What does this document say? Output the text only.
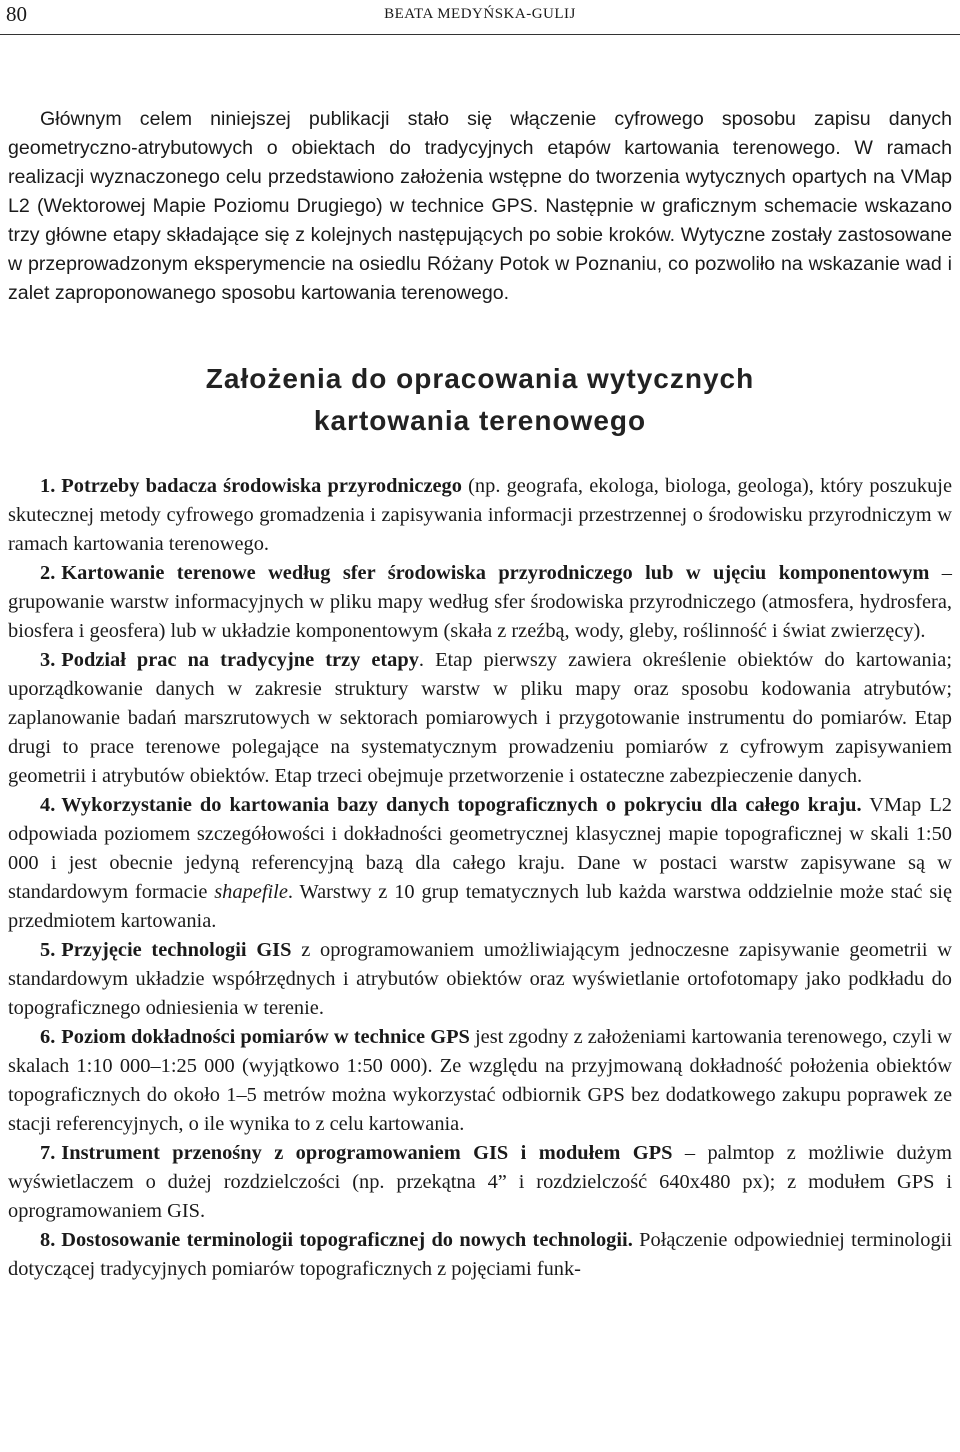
80	BEATA MEDYŃSKA-GULIJ

Głównym celem niniejszej publikacji stało się włączenie cyfrowego sposobu zapisu danych geometryczno-atrybutowych o obiektach do tradycyjnych etapów kartowania terenowego. W ramach realizacji wyznaczonego celu przedstawiono założenia wstępne do tworzenia wytycznych opartych na VMap L2 (Wektorowej Mapie Poziomu Drugiego) w technice GPS. Następnie w graficznym schemacie wskazano trzy główne etapy składające się z kolejnych następujących po sobie kroków. Wytyczne zostały zastosowane w przeprowadzonym eksperymencie na osiedlu Różany Potok w Poznaniu, co pozwoliło na wskazanie wad i zalet zaproponowanego sposobu kartowania terenowego.

Założenia do opracowania wytycznych
kartowania terenowego

1. Potrzeby badacza środowiska przyrodniczego (np. geografa, ekologa, biologa, geologa), który poszukuje skutecznej metody cyfrowego gromadzenia i zapisywania informacji przestrzennej o środowisku przyrodniczym w ramach kartowania terenowego.

2. Kartowanie terenowe według sfer środowiska przyrodniczego lub w ujęciu komponentowym – grupowanie warstw informacyjnych w pliku mapy według sfer środowiska przyrodniczego (atmosfera, hydrosfera, biosfera i geosfera) lub w układzie komponentowym (skała z rzeźbą, wody, gleby, roślinność i świat zwierzęcy).

3. Podział prac na tradycyjne trzy etapy. Etap pierwszy zawiera określenie obiektów do kartowania; uporządkowanie danych w zakresie struktury warstw w pliku mapy oraz sposobu kodowania atrybutów; zaplanowanie badań marszrutowych w sektorach pomiarowych i przygotowanie instrumentu do pomiarów. Etap drugi to prace terenowe polegające na systematycznym prowadzeniu pomiarów z cyfrowym zapisywaniem geometrii i atrybutów obiektów. Etap trzeci obejmuje przetworzenie i ostateczne zabezpieczenie danych.

4. Wykorzystanie do kartowania bazy danych topograficznych o pokryciu dla całego kraju. VMap L2 odpowiada poziomem szczegółowości i dokładności geometrycznej klasycznej mapie topograficznej w skali 1:50 000 i jest obecnie jedyną referencyjną bazą dla całego kraju. Dane w postaci warstw zapisywane są w standardowym formacie shapefile. Warstwy z 10 grup tematycznych lub każda warstwa oddzielnie może stać się przedmiotem kartowania.

5. Przyjęcie technologii GIS z oprogramowaniem umożliwiającym jednoczesne zapisywanie geometrii w standardowym układzie współrzędnych i atrybutów obiektów oraz wyświetlanie ortofotomapy jako podkładu do topograficznego odniesienia w terenie.

6. Poziom dokładności pomiarów w technice GPS jest zgodny z założeniami kartowania terenowego, czyli w skalach 1:10 000–1:25 000 (wyjątkowo 1:50 000). Ze względu na przyjmowaną dokładność położenia obiektów topograficznych do około 1–5 metrów można wykorzystać odbiornik GPS bez dodatkowego zakupu poprawek ze stacji referencyjnych, o ile wynika to z celu kartowania.

7. Instrument przenośny z oprogramowaniem GIS i modułem GPS – palmtop z możliwie dużym wyświetlaczem o dużej rozdzielczości (np. przekątna 4” i rozdzielczość 640x480 px); z modułem GPS i oprogramowaniem GIS.

8. Dostosowanie terminologii topograficznej do nowych technologii. Połączenie odpowiedniej terminologii dotyczącej tradycyjnych pomiarów topograficznych z pojęciami funk-
